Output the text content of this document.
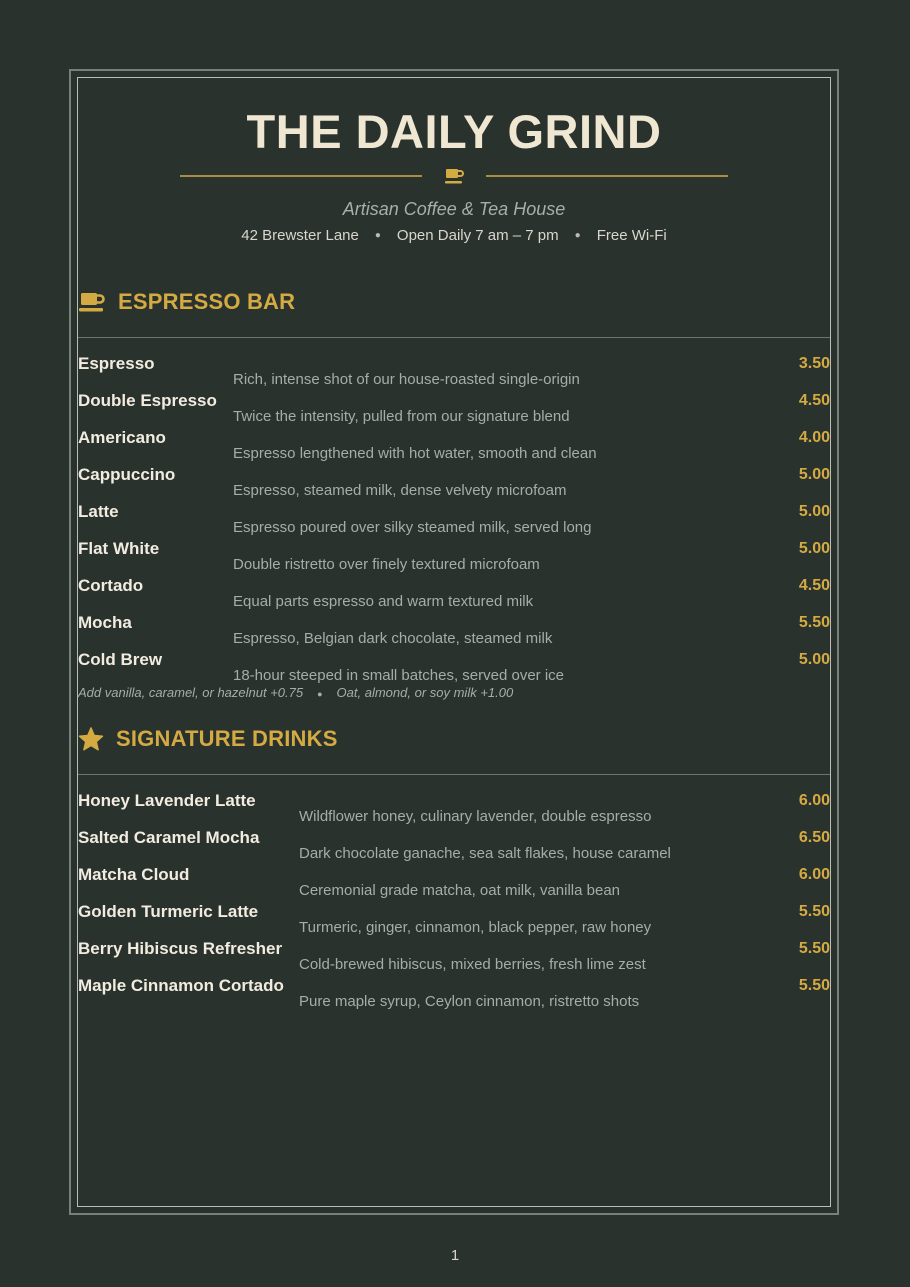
THE DAILY GRIND
Artisan Coffee & Tea House
42 Brewster Lane ● Open Daily 7 am – 7 pm ● Free Wi-Fi
ESPRESSO BAR
Espresso
Rich, intense shot of our house-roasted single-origin
3.50
Double Espresso
Twice the intensity, pulled from our signature blend
4.50
Americano
Espresso lengthened with hot water, smooth and clean
4.00
Cappuccino
Espresso, steamed milk, dense velvety microfoam
5.00
Latte
Espresso poured over silky steamed milk, served long
5.00
Flat White
Double ristretto over finely textured microfoam
5.00
Cortado
Equal parts espresso and warm textured milk
4.50
Mocha
Espresso, Belgian dark chocolate, steamed milk
5.50
Cold Brew
18-hour steeped in small batches, served over ice
5.00
Add vanilla, caramel, or hazelnut +0.75 ● Oat, almond, or soy milk +1.00
SIGNATURE DRINKS
Honey Lavender Latte
Wildflower honey, culinary lavender, double espresso
6.00
Salted Caramel Mocha
Dark chocolate ganache, sea salt flakes, house caramel
6.50
Matcha Cloud
Ceremonial grade matcha, oat milk, vanilla bean
6.00
Golden Turmeric Latte
Turmeric, ginger, cinnamon, black pepper, raw honey
5.50
Berry Hibiscus Refresher
Cold-brewed hibiscus, mixed berries, fresh lime zest
5.50
Maple Cinnamon Cortado
Pure maple syrup, Ceylon cinnamon, ristretto shots
5.50
1
